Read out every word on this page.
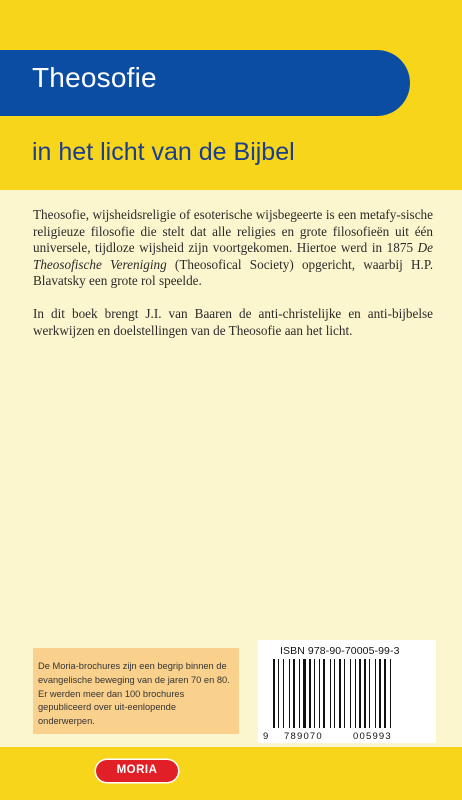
Theosofie
in het licht van de Bijbel

Theosofie, wijsheidsreligie of esoterische wijsbegeerte is een metafy-sische religieuze filosofie die stelt dat alle religies en grote filosofieën uit één universele, tijdloze wijsheid zijn voortgekomen. Hiertoe werd in 1875 De Theosofische Vereniging (Theosofical Society) opgericht, waarbij H.P. Blavatsky een grote rol speelde.

In dit boek brengt J.I. van Baaren de anti-christelijke en anti-bijbelse werkwijzen en doelstellingen van de Theosofie aan het licht.

De Moria-brochures zijn een begrip binnen de evangelische beweging van de jaren 70 en 80. Er werden meer dan 100 brochures gepubliceerd over uit-eenlopende onderwerpen.
ISBN 978-90-70005-99-3
9 789070	005993
MORIA
